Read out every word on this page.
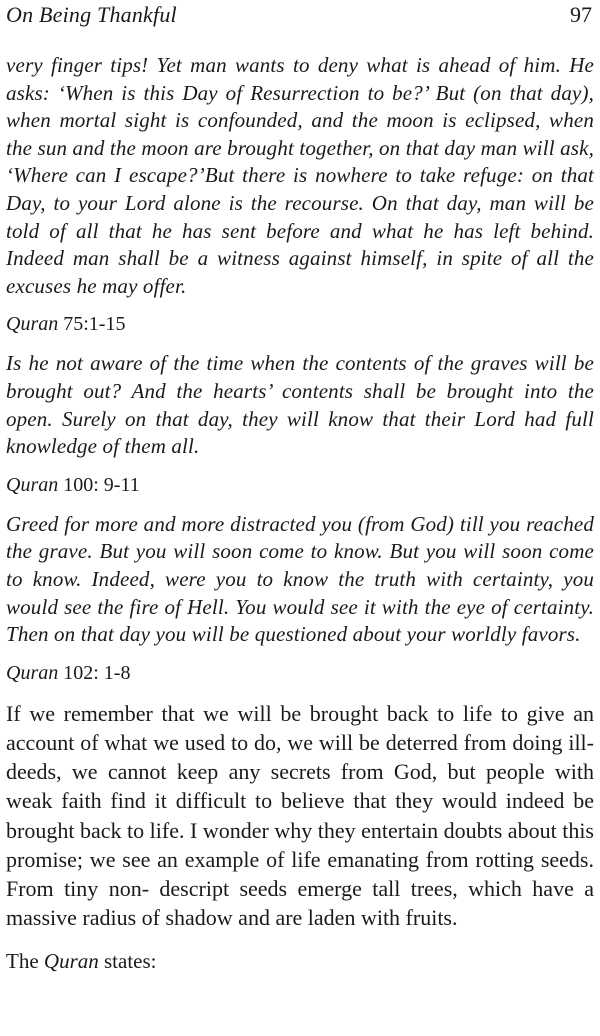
On Being Thankful	97

very finger tips! Yet man wants to deny what is ahead of him. He asks: ‘When is this Day of Resurrection to be?’ But (on that day), when mortal sight is confounded, and the moon is eclipsed, when the sun and the moon are brought together, on that day man will ask, ‘Where can I escape?’But there is nowhere to take refuge: on that Day, to your Lord alone is the recourse. On that day, man will be told of all that he has sent before and what he has left behind. Indeed man shall be a witness against himself, in spite of all the excuses he may offer.

Quran 75:1-15

Is he not aware of the time when the contents of the graves will be brought out? And the hearts’ contents shall be brought into the open. Surely on that day, they will know that their Lord had full knowledge of them all.

Quran 100: 9-11

Greed for more and more distracted you (from God) till you reached the grave. But you will soon come to know. But you will soon come to know. Indeed, were you to know the truth with certainty, you would see the fire of Hell. You would see it with the eye of certainty. Then on that day you will be questioned about your worldly favors.

Quran 102: 1-8

If we remember that we will be brought back to life to give an account of what we used to do, we will be deterred from doing ill-deeds, we cannot keep any secrets from God, but people with weak faith find it difficult to believe that they would indeed be brought back to life. I wonder why they entertain doubts about this promise; we see an example of life emanating from rotting seeds. From tiny non- descript seeds emerge tall trees, which have a massive radius of shadow and are laden with fruits.

The Quran states:
